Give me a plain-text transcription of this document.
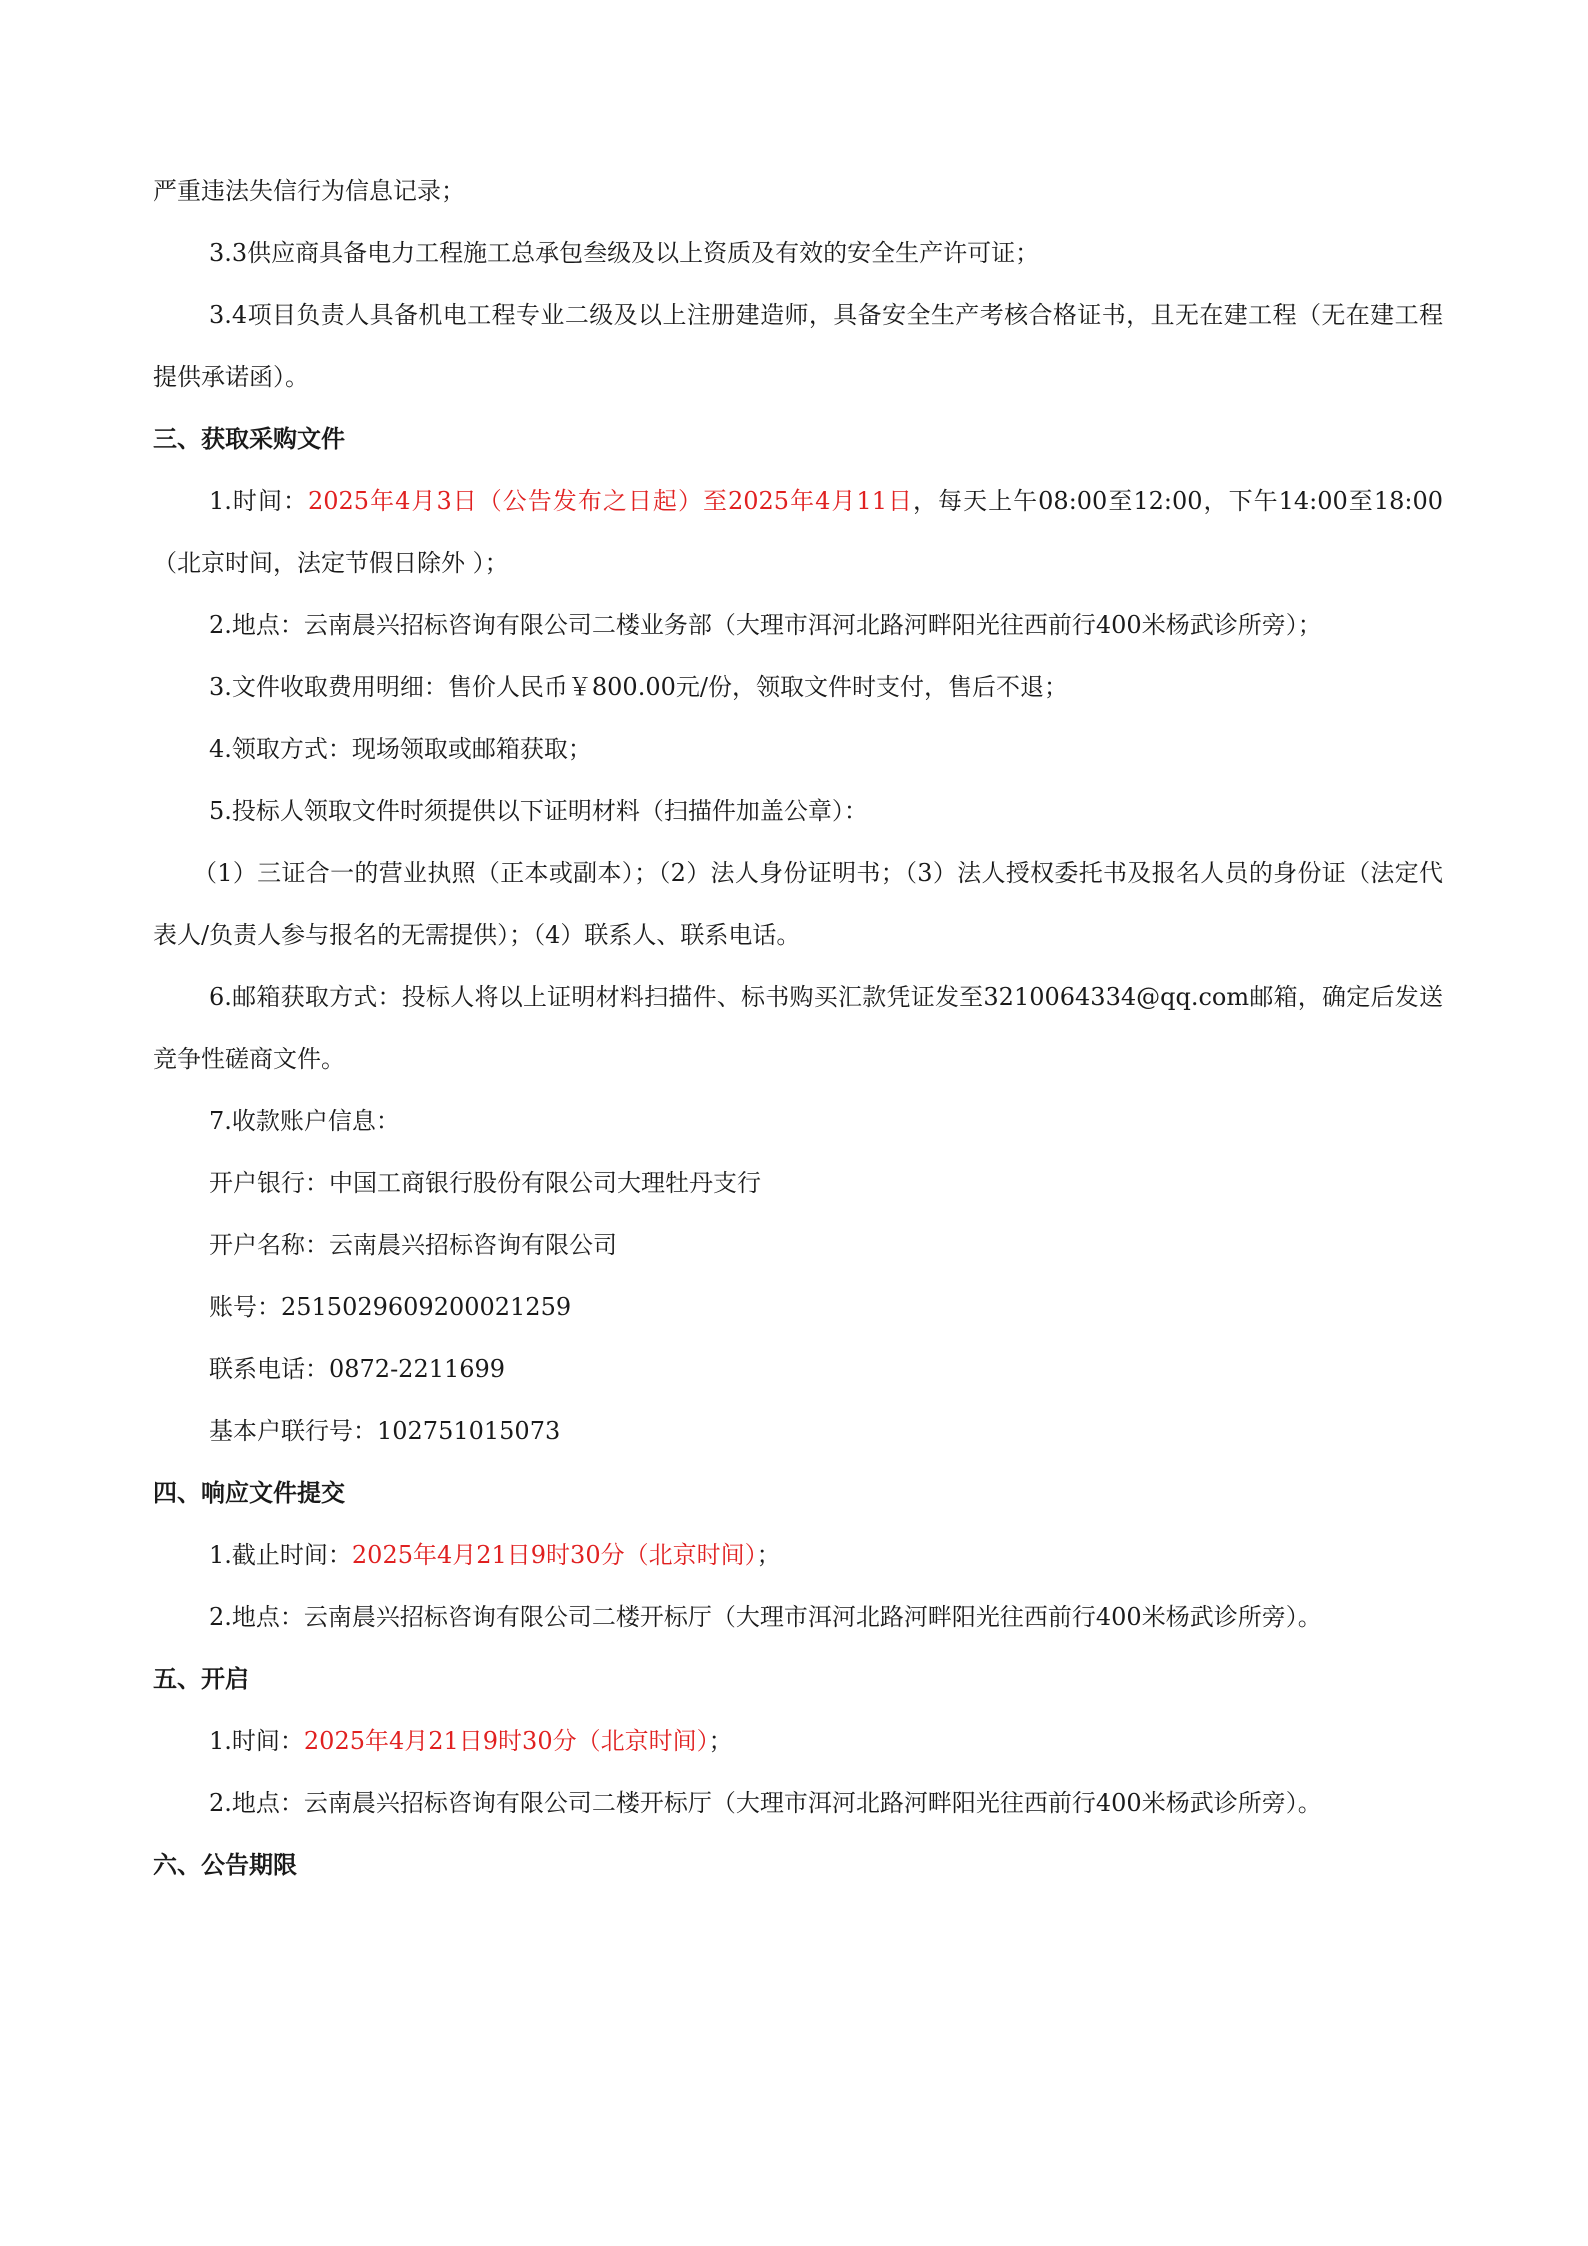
严重违法失信行为信息记录；

3.3供应商具备电力工程施工总承包叁级及以上资质及有效的安全生产许可证；

3.4项目负责人具备机电工程专业二级及以上注册建造师，具备安全生产考核合格证书，且无在建工程（无在建工程提供承诺函）。

三、获取采购文件

1.时间：2025年4月3日（公告发布之日起）至2025年4月11日，每天上午08:00至12:00，下午14:00至18:00（北京时间，法定节假日除外 ）；

2.地点：云南晨兴招标咨询有限公司二楼业务部（大理市洱河北路河畔阳光往西前行400米杨武诊所旁）；

3.文件收取费用明细：售价人民币￥800.00元/份，领取文件时支付，售后不退；

4.领取方式：现场领取或邮箱获取；

5.投标人领取文件时须提供以下证明材料（扫描件加盖公章）：

（1）三证合一的营业执照（正本或副本）；（2）法人身份证明书；（3）法人授权委托书及报名人员的身份证（法定代表人/负责人参与报名的无需提供）；（4）联系人、联系电话。

6.邮箱获取方式：投标人将以上证明材料扫描件、标书购买汇款凭证发至3210064334@qq.com邮箱，确定后发送竞争性磋商文件。

7.收款账户信息：

开户银行：中国工商银行股份有限公司大理牡丹支行

开户名称：云南晨兴招标咨询有限公司

账号：2515029609200021259

联系电话：0872-2211699

基本户联行号：102751015073

四、响应文件提交

1.截止时间：2025年4月21日9时30分（北京时间）；

2.地点：云南晨兴招标咨询有限公司二楼开标厅（大理市洱河北路河畔阳光往西前行400米杨武诊所旁）。

五、开启

1.时间：2025年4月21日9时30分（北京时间）；

2.地点：云南晨兴招标咨询有限公司二楼开标厅（大理市洱河北路河畔阳光往西前行400米杨武诊所旁）。

六、公告期限
